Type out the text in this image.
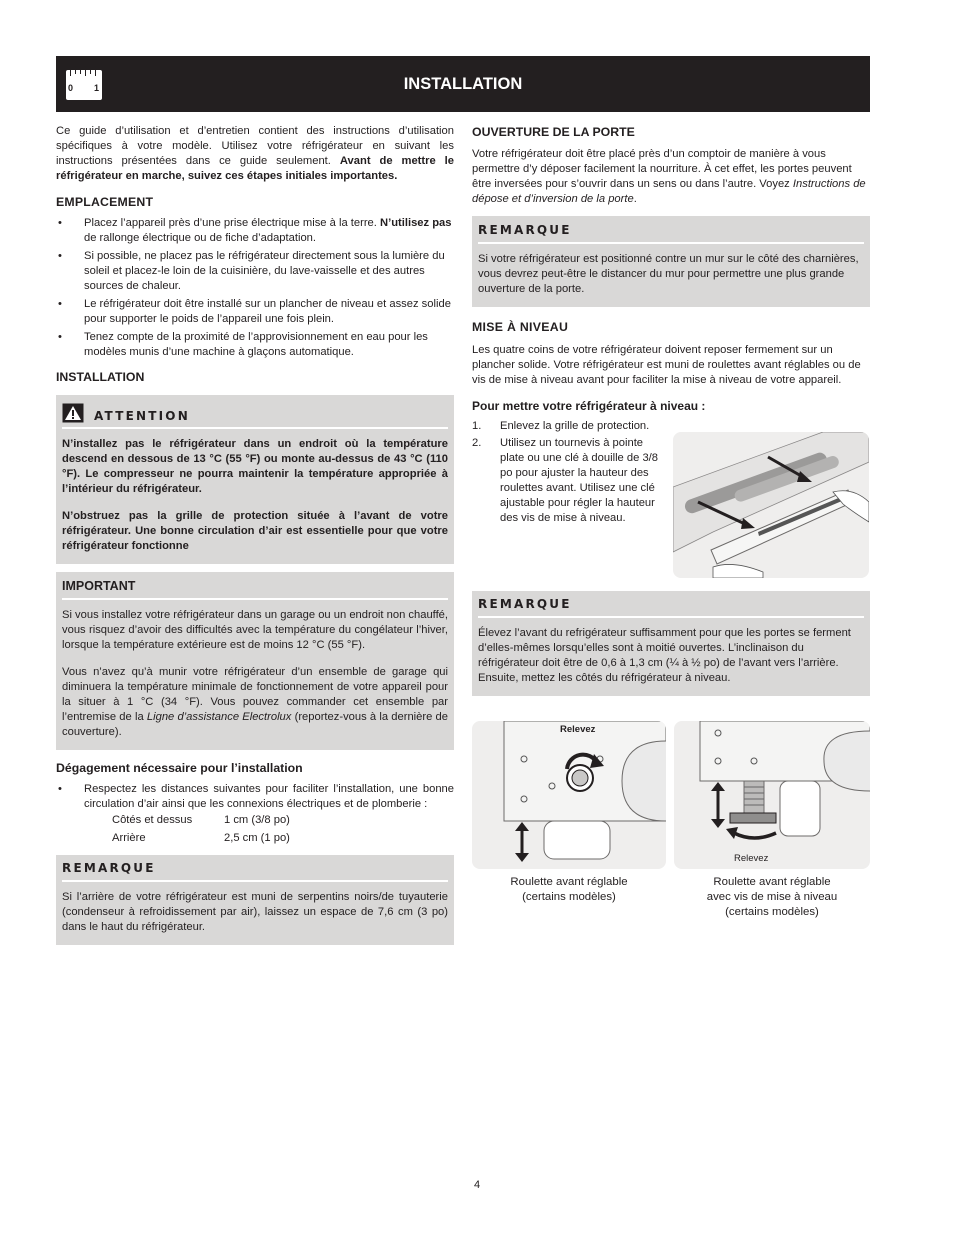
0 1	INSTALLATION

Ce guide d’utilisation et d’entretien contient des instructions d’utilisation spécifiques à votre modèle. Utilisez votre réfrigérateur en suivant les instructions présentées dans ce guide seulement. Avant de mettre le réfrigérateur en marche, suivez ces étapes initiales importantes.

EMPLACEMENT
• Placez l’appareil près d’une prise électrique mise à la terre. N’utilisez pas de rallonge électrique ou de fiche d’adaptation.
• Si possible, ne placez pas le réfrigérateur directement sous la lumière du soleil et placez-le loin de la cuisinière, du lave-vaisselle et des autres sources de chaleur.
• Le réfrigérateur doit être installé sur un plancher de niveau et assez solide pour supporter le poids de l’appareil une fois plein.
• Tenez compte de la proximité de l’approvisionnement en eau pour les modèles munis d’une machine à glaçons automatique.
INSTALLATION
ATTENTION

N’installez pas le réfrigérateur dans un endroit où la température descend en dessous de 13 °C (55 °F) ou monte au-dessus de 43 °C (110 °F). Le compresseur ne pourra maintenir la température appropriée à l’intérieur du réfrigérateur.

N’obstruez pas la grille de protection située à l’avant de votre réfrigérateur. Une bonne circulation d’air est essentielle pour que votre réfrigérateur fonctionne

IMPORTANT

Si vous installez votre réfrigérateur dans un garage ou un endroit non chauffé, vous risquez d’avoir des difficultés avec la température du congélateur l’hiver, lorsque la température extérieure est de moins 12 °C (55 °F).

Vous n’avez qu’à munir votre réfrigérateur d’un ensemble de garage qui diminuera la température minimale de fonctionnement de votre appareil pour la situer à 1 °C (34 °F). Vous pouvez commander cet ensemble par l’entremise de la Ligne d’assistance Electrolux (reportez-vous à la dernière de couverture).

Dégagement nécessaire pour l’installation
• Respectez les distances suivantes pour faciliter l’installation, une bonne circulation d’air ainsi que les connexions électriques et de plomberie :
Côtés et dessus	1 cm (3/8 po)
Arrière	2,5 cm (1 po)
REMARQUE

Si l’arrière de votre réfrigérateur est muni de serpentins noirs/de tuyauterie (condenseur à refroidissement par air), laissez un espace de 7,6 cm (3 po) dans le haut du réfrigérateur.

OUVERTURE DE LA PORTE

Votre réfrigérateur doit être placé près d’un comptoir de manière à vous permettre d’y déposer facilement la nourriture. À cet effet, les portes peuvent être inversées pour s’ouvrir dans un sens ou dans l’autre. Voyez Instructions de dépose et d’inversion de la porte.

REMARQUE

Si votre réfrigérateur est positionné contre un mur sur le côté des charnières, vous devrez peut-être le distancer du mur pour permettre une plus grande ouverture de la porte.

MISE À NIVEAU

Les quatre coins de votre réfrigérateur doivent reposer fermement sur un plancher solide. Votre réfrigérateur est muni de roulettes avant réglables ou de vis de mise à niveau avant pour faciliter la mise à niveau de votre appareil.

Pour mettre votre réfrigérateur à niveau :
1. Enlevez la grille de protection.
2. Utilisez un tournevis à pointe plate ou une clé à douille de 3/8 po pour ajuster la hauteur des roulettes avant. Utilisez une clé ajustable pour régler la hauteur des vis de mise à niveau.
REMARQUE

Élevez l’avant du refrigérateur suffisamment pour que les portes se ferment d’elles-mêmes lorsqu’elles sont à moitié ouvertes. L’inclinaison du réfrigérateur doit être de 0,6 à 1,3 cm (¼ à ½ po) de l’avant vers l’arrière. Ensuite, mettez les côtés du réfrigérateur à niveau.

Relevez
Relevez
Roulette avant réglable
(certains modèles)
Roulette avant réglable
avec vis de mise à niveau
(certains modèles)
4
